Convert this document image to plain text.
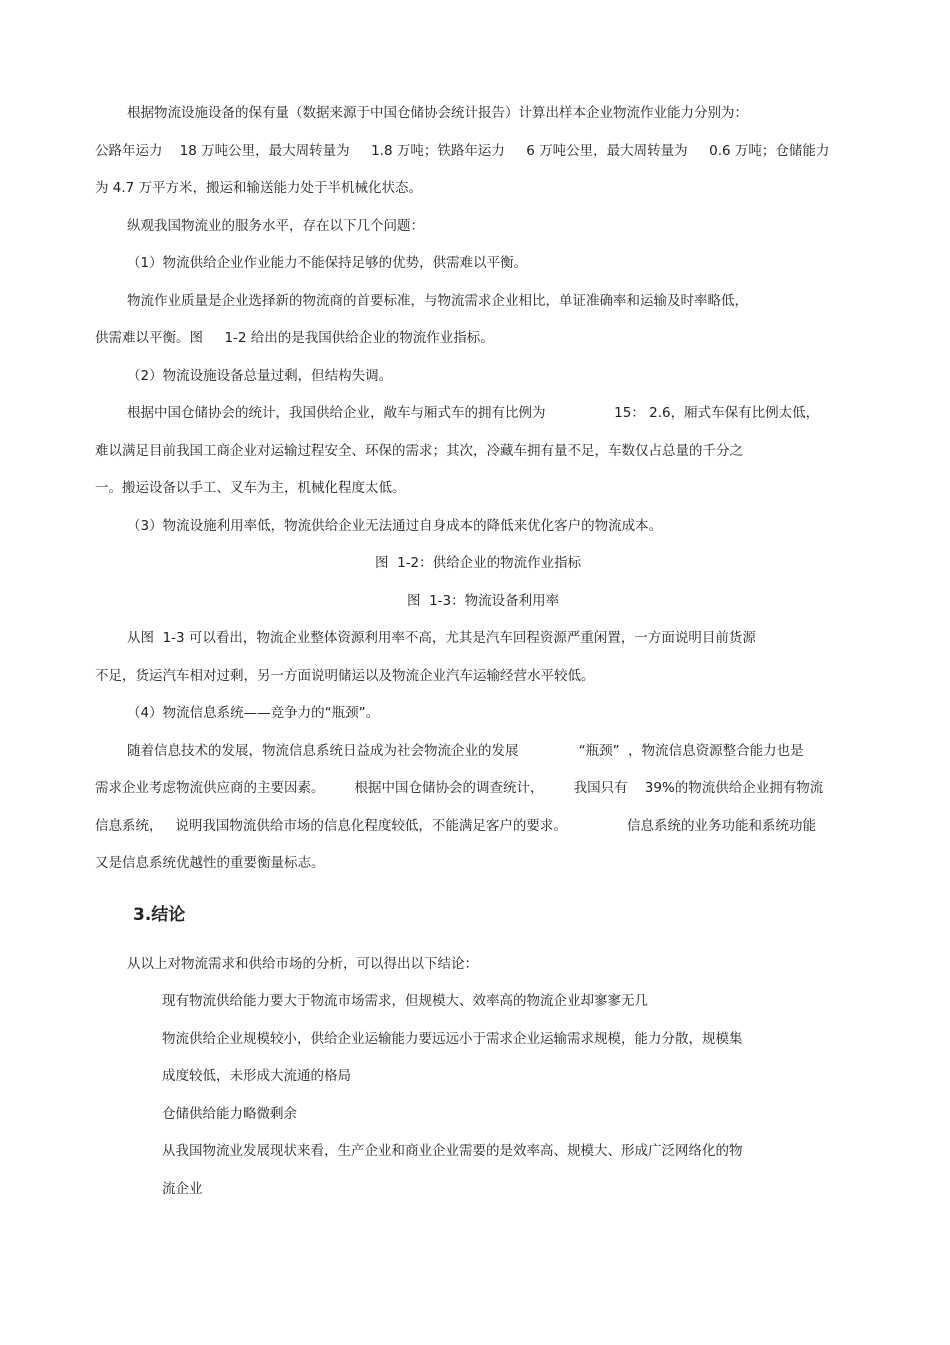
根据物流设施设备的保有量（数据来源于中国仓储协会统计报告）计算出样本企业物流作业能力分别为：

公路年运力    18 万吨公里，最大周转量为     1.8 万吨；铁路年运力     6 万吨公里，最大周转量为     0.6 万吨；仓储能力

为 4.7 万平方米，搬运和输送能力处于半机械化状态。

纵观我国物流业的服务水平，存在以下几个问题：

（1）物流供给企业作业能力不能保持足够的优势，供需难以平衡。

物流作业质量是企业选择新的物流商的首要标准，与物流需求企业相比，单证准确率和运输及时率略低，

供需难以平衡。图     1-2 给出的是我国供给企业的物流作业指标。

（2）物流设施设备总量过剩，但结构失调。

根据中国仓储协会的统计，我国供给企业，敞车与厢式车的拥有比例为                15： 2.6，厢式车保有比例太低，

难以满足目前我国工商企业对运输过程安全、环保的需求；其次，冷藏车拥有量不足，车数仅占总量的千分之

一。搬运设备以手工、叉车为主，机械化程度太低。

（3）物流设施利用率低，物流供给企业无法通过自身成本的降低来优化客户的物流成本。

图  1-2：供给企业的物流作业指标

图  1-3：物流设备利用率

从图  1-3 可以看出，物流企业整体资源利用率不高，尤其是汽车回程资源严重闲置，一方面说明目前货源

不足，货运汽车相对过剩，另一方面说明储运以及物流企业汽车运输经营水平较低。

（4）物流信息系统——竞争力的“瓶颈”。

随着信息技术的发展，物流信息系统日益成为社会物流企业的发展              “瓶颈”  ，物流信息资源整合能力也是

需求企业考虑物流供应商的主要因素。       根据中国仓储协会的调查统计，       我国只有    39%的物流供给企业拥有物流

信息系统，   说明我国物流供给市场的信息化程度较低，不能满足客户的要求。              信息系统的业务功能和系统功能

又是信息系统优越性的重要衡量标志。

3.结论

从以上对物流需求和供给市场的分析，可以得出以下结论：

现有物流供给能力要大于物流市场需求，但规模大、效率高的物流企业却寥寥无几

物流供给企业规模较小，供给企业运输能力要远远小于需求企业运输需求规模，能力分散，规模集

成度较低，未形成大流通的格局

仓储供给能力略微剩余

从我国物流业发展现状来看，生产企业和商业企业需要的是效率高、规模大、形成广泛网络化的物

流企业
